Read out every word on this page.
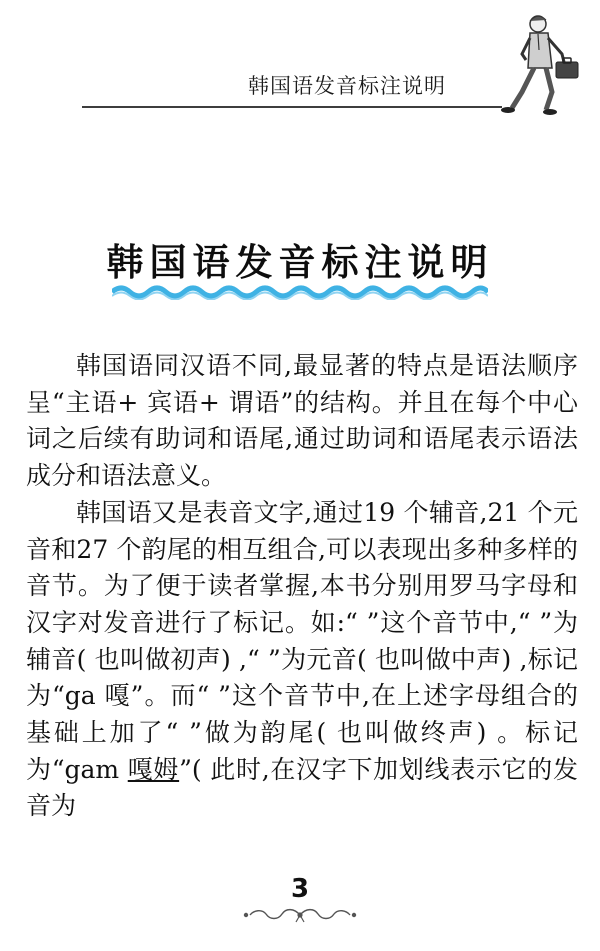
韩国语发音标注说明
韩国语发音标注说明

韩国语同汉语不同,最显著的特点是语法顺序呈“主语+ 宾语+ 谓语”的结构。并且在每个中心词之后续有助词和语尾,通过助词和语尾表示语法成分和语法意义。

韩国语又是表音文字,通过19 个辅音,21 个元音和27 个韵尾的相互组合,可以表现出多种多样的音节。为了便于读者掌握,本书分别用罗马字母和汉字对发音进行了标记。如:“ ”这个音节中,“ ”为辅音( 也叫做初声) ,“ ”为元音( 也叫做中声) ,标记为“ga 嘎”。而“ ”这个音节中,在上述字母组合的基础上加了“ ”做为韵尾( 也叫做终声) 。标记为“gam 嘎姆”( 此时,在汉字下加划线表示它的发音为

3
